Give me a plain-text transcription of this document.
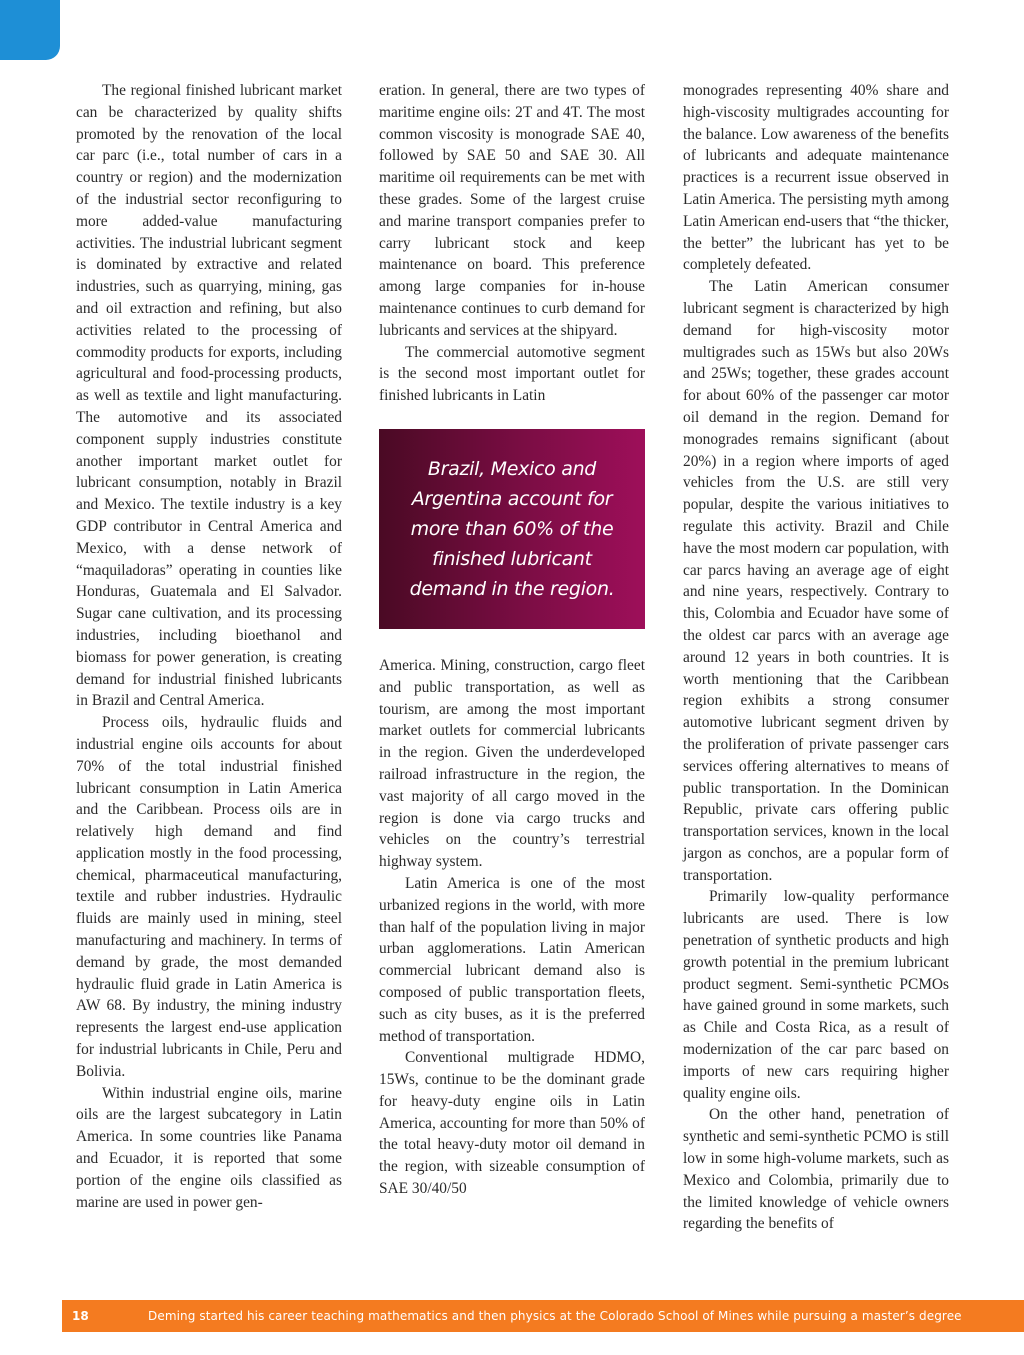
The regional finished lubricant market can be characterized by quality shifts promoted by the renovation of the local car parc (i.e., total number of cars in a country or region) and the modernization of the industrial sector reconfiguring to more added-value manufacturing activities. The industrial lubricant segment is dominated by extractive and related industries, such as quarrying, mining, gas and oil extraction and refining, but also activities related to the processing of commodity products for exports, including agricultural and food-processing products, as well as textile and light manufacturing. The automotive and its associated component supply industries constitute another important market outlet for lubricant consumption, notably in Brazil and Mexico. The textile industry is a key GDP contributor in Central America and Mexico, with a dense network of “maquiladoras” operating in counties like Honduras, Guatemala and El Salvador. Sugar cane cultivation, and its processing industries, including bioethanol and biomass for power generation, is creating demand for industrial finished lubricants in Brazil and Central America.

Process oils, hydraulic fluids and industrial engine oils accounts for about 70% of the total industrial finished lubricant consumption in Latin America and the Caribbean. Process oils are in relatively high demand and find application mostly in the food processing, chemical, pharmaceutical manufacturing, textile and rubber industries. Hydraulic fluids are mainly used in mining, steel manufacturing and machinery. In terms of demand by grade, the most demanded hydraulic fluid grade in Latin America is AW 68. By industry, the mining industry represents the largest end-use application for industrial lubricants in Chile, Peru and Bolivia.

Within industrial engine oils, marine oils are the largest subcategory in Latin America. In some countries like Panama and Ecuador, it is reported that some portion of the engine oils classified as marine are used in power gen-

eration. In general, there are two types of maritime engine oils: 2T and 4T. The most common viscosity is monograde SAE 40, followed by SAE 50 and SAE 30. All maritime oil requirements can be met with these grades. Some of the largest cruise and marine transport companies prefer to carry lubricant stock and keep maintenance on board. This preference among large companies for in-house maintenance continues to curb demand for lubricants and services at the shipyard.

The commercial automotive segment is the second most important outlet for finished lubricants in Latin

Brazil, Mexico and Argentina account for more than 60% of the finished lubricant demand in the region.

America. Mining, construction, cargo fleet and public transportation, as well as tourism, are among the most important market outlets for commercial lubricants in the region. Given the underdeveloped railroad infrastructure in the region, the vast majority of all cargo moved in the region is done via cargo trucks and vehicles on the country’s terrestrial highway system.

Latin America is one of the most urbanized regions in the world, with more than half of the population living in major urban agglomerations. Latin American commercial lubricant demand also is composed of public transportation fleets, such as city buses, as it is the preferred method of transportation.

Conventional multigrade HDMO, 15Ws, continue to be the dominant grade for heavy-duty engine oils in Latin America, accounting for more than 50% of the total heavy-duty motor oil demand in the region, with sizeable consumption of SAE 30/40/50

monogrades representing 40% share and high-viscosity multigrades accounting for the balance. Low awareness of the benefits of lubricants and adequate maintenance practices is a recurrent issue observed in Latin America. The persisting myth among Latin American end-users that “the thicker, the better” the lubricant has yet to be completely defeated.

The Latin American consumer lubricant segment is characterized by high demand for high-viscosity motor multigrades such as 15Ws but also 20Ws and 25Ws; together, these grades account for about 60% of the passenger car motor oil demand in the region. Demand for monogrades remains significant (about 20%) in a region where imports of aged vehicles from the U.S. are still very popular, despite the various initiatives to regulate this activity. Brazil and Chile have the most modern car population, with car parcs having an average age of eight and nine years, respectively. Contrary to this, Colombia and Ecuador have some of the oldest car parcs with an average age around 12 years in both countries. It is worth mentioning that the Caribbean region exhibits a strong consumer automotive lubricant segment driven by the proliferation of private passenger cars services offering alternatives to means of public transportation. In the Dominican Republic, private cars offering public transportation services, known in the local jargon as conchos, are a popular form of transportation.

Primarily low-quality performance lubricants are used. There is low penetration of synthetic products and high growth potential in the premium lubricant product segment. Semi-synthetic PCMOs have gained ground in some markets, such as Chile and Costa Rica, as a result of modernization of the car parc based on imports of new cars requiring higher quality engine oils.

On the other hand, penetration of synthetic and semi-synthetic PCMO is still low in some high-volume markets, such as Mexico and Colombia, primarily due to the limited knowledge of vehicle owners regarding the benefits of

18	Deming started his career teaching mathematics and then physics at the Colorado School of Mines while pursuing a master’s degree
